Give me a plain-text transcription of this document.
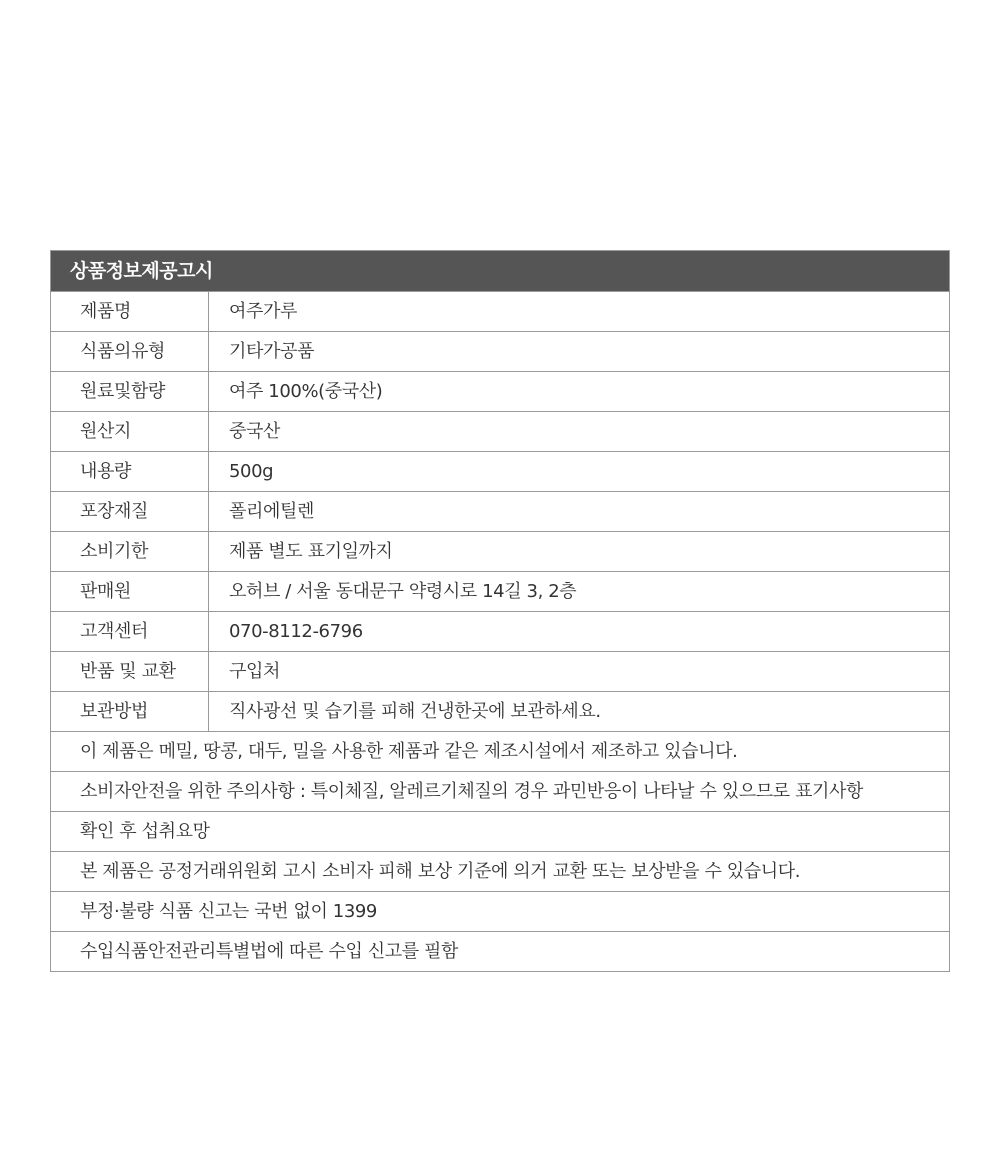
상품정보제공고시
제품명	여주가루
식품의유형	기타가공품
원료및함량	여주 100%(중국산)
원산지	중국산
내용량	500g
포장재질	폴리에틸렌
소비기한	제품 별도 표기일까지
판매원	오허브 / 서울 동대문구 약령시로 14길 3, 2층
고객센터	070-8112-6796
반품 및 교환	구입처
보관방법	직사광선 및 습기를 피해 건냉한곳에 보관하세요.
이 제품은 메밀, 땅콩, 대두, 밀을 사용한 제품과 같은 제조시설에서 제조하고 있습니다.
소비자안전을 위한 주의사항 : 특이체질, 알레르기체질의 경우 과민반응이 나타날 수 있으므로 표기사항
확인 후 섭취요망
본 제품은 공정거래위원회 고시 소비자 피해 보상 기준에 의거 교환 또는 보상받을 수 있습니다.
부정·불량 식품 신고는 국번 없이 1399
수입식품안전관리특별법에 따른 수입 신고를 필함
